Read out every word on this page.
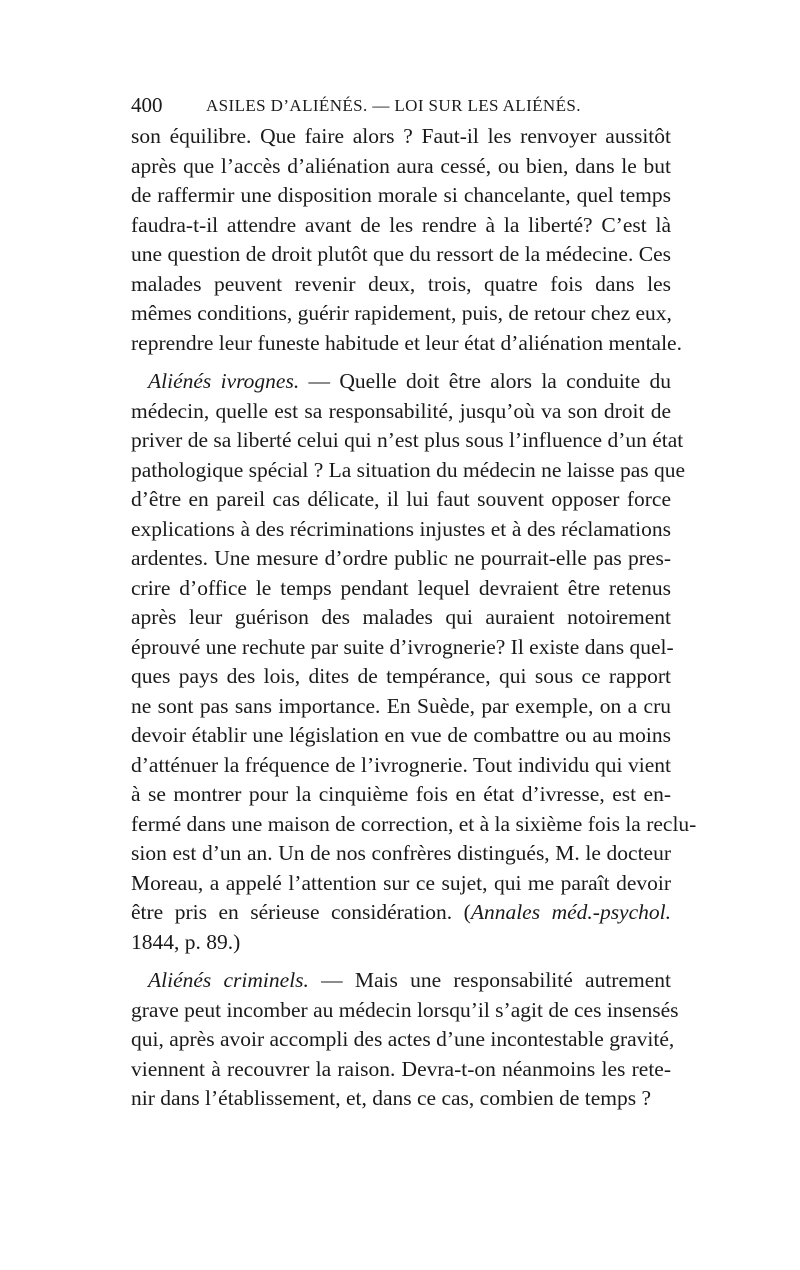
400	ASILES D’ALIÉNÉS. — LOI SUR LES ALIÉNÉS.
son équilibre. Que faire alors ? Faut-il les renvoyer aussitôt
après que l’accès d’aliénation aura cessé, ou bien, dans le but
de raffermir une disposition morale si chancelante, quel temps
faudra-t-il attendre avant de les rendre à la liberté? C’est là
une question de droit plutôt que du ressort de la médecine. Ces
malades peuvent revenir deux, trois, quatre fois dans les
mêmes conditions, guérir rapidement, puis, de retour chez eux,
reprendre leur funeste habitude et leur état d’aliénation mentale.
Aliénés ivrognes. — Quelle doit être alors la conduite du
médecin, quelle est sa responsabilité, jusqu’où va son droit de
priver de sa liberté celui qui n’est plus sous l’influence d’un état
pathologique spécial ? La situation du médecin ne laisse pas que
d’être en pareil cas délicate, il lui faut souvent opposer force
explications à des récriminations injustes et à des réclamations
ardentes. Une mesure d’ordre public ne pourrait-elle pas pres-
crire d’office le temps pendant lequel devraient être retenus
après leur guérison des malades qui auraient notoirement
éprouvé une rechute par suite d’ivrognerie? Il existe dans quel-
ques pays des lois, dites de tempérance, qui sous ce rapport
ne sont pas sans importance. En Suède, par exemple, on a cru
devoir établir une législation en vue de combattre ou au moins
d’atténuer la fréquence de l’ivrognerie. Tout individu qui vient
à se montrer pour la cinquième fois en état d’ivresse, est en-
fermé dans une maison de correction, et à la sixième fois la reclu-
sion est d’un an. Un de nos confrères distingués, M. le docteur
Moreau, a appelé l’attention sur ce sujet, qui me paraît devoir
être pris en sérieuse considération. (Annales méd.-psychol.
1844, p. 89.)
Aliénés criminels. — Mais une responsabilité autrement
grave peut incomber au médecin lorsqu’il s’agit de ces insensés
qui, après avoir accompli des actes d’une incontestable gravité,
viennent à recouvrer la raison. Devra-t-on néanmoins les rete-
nir dans l’établissement, et, dans ce cas, combien de temps ?
